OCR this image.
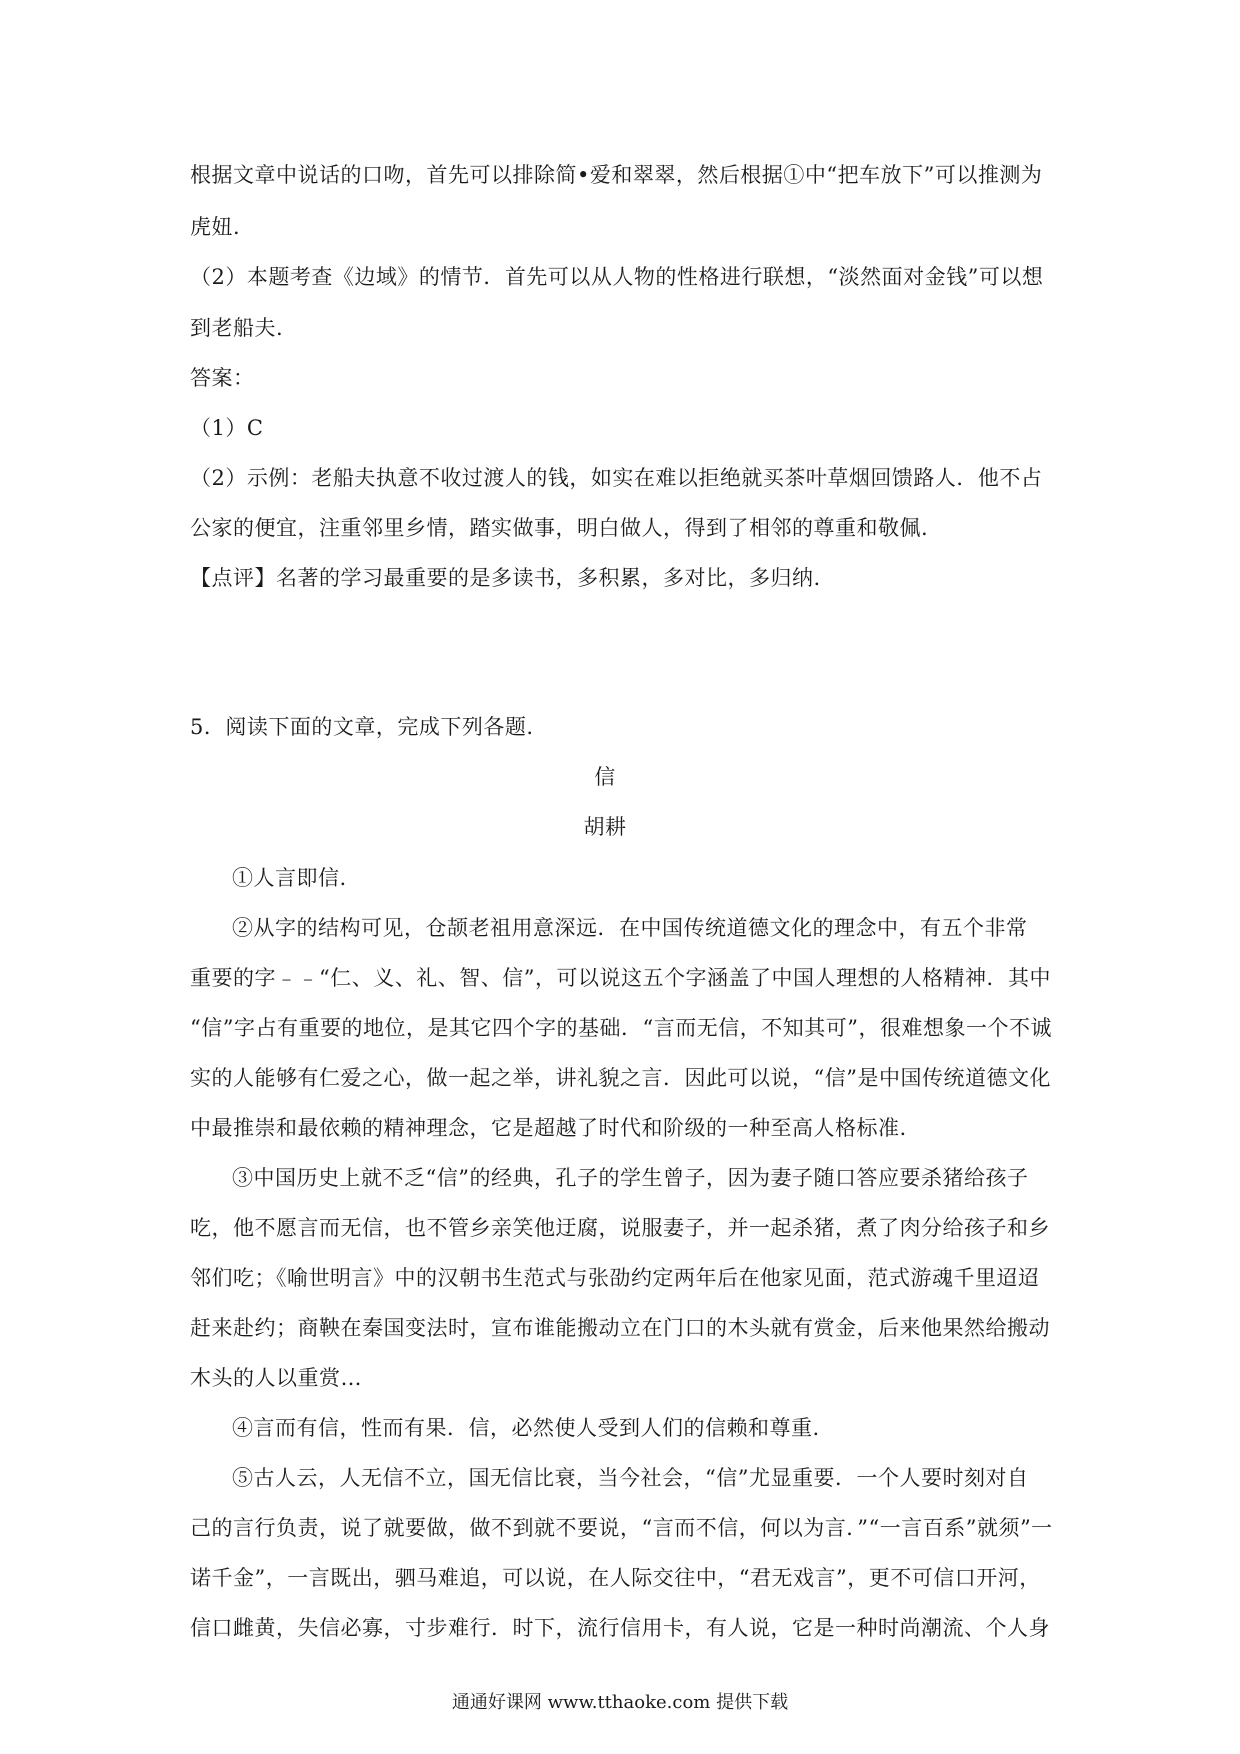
根据文章中说话的口吻，首先可以排除简•爱和翠翠，然后根据①中“把车放下”可以推测为
虎妞.
（2）本题考查《边域》的情节．首先可以从人物的性格进行联想，“淡然面对金钱”可以想
到老船夫.
答案：
（1）C
（2）示例：老船夫执意不收过渡人的钱，如实在难以拒绝就买茶叶草烟回馈路人．他不占
公家的便宜，注重邻里乡情，踏实做事，明白做人，得到了相邻的尊重和敬佩.
【点评】名著的学习最重要的是多读书，多积累，多对比，多归纳.
5．阅读下面的文章，完成下列各题.
信
胡耕
①人言即信.
②从字的结构可见，仓颉老祖用意深远．在中国传统道德文化的理念中，有五个非常
重要的字﹣﹣“仁、义、礼、智、信”，可以说这五个字涵盖了中国人理想的人格精神．其中
“信”字占有重要的地位，是其它四个字的基础．“言而无信，不知其可”，很难想象一个不诚
实的人能够有仁爱之心，做一起之举，讲礼貌之言．因此可以说，“信”是中国传统道德文化
中最推崇和最依赖的精神理念，它是超越了时代和阶级的一种至高人格标准.
③中国历史上就不乏“信”的经典，孔子的学生曾子，因为妻子随口答应要杀猪给孩子
吃，他不愿言而无信，也不管乡亲笑他迂腐，说服妻子，并一起杀猪，煮了肉分给孩子和乡
邻们吃；《喻世明言》中的汉朝书生范式与张劭约定两年后在他家见面，范式游魂千里迢迢
赶来赴约；商鞅在秦国变法时，宣布谁能搬动立在门口的木头就有赏金，后来他果然给搬动
木头的人以重赏…
④言而有信，性而有果．信，必然使人受到人们的信赖和尊重.
⑤古人云，人无信不立，国无信比衰，当今社会，“信”尤显重要．一个人要时刻对自
己的言行负责，说了就要做，做不到就不要说，“言而不信，何以为言．”“一言百系”就须”一
诺千金”，一言既出，驷马难追，可以说，在人际交往中，“君无戏言”，更不可信口开河，
信口雌黄，失信必寡，寸步难行．时下，流行信用卡，有人说，它是一种时尚潮流、个人身
通通好课网 www.tthaoke.com 提供下载
